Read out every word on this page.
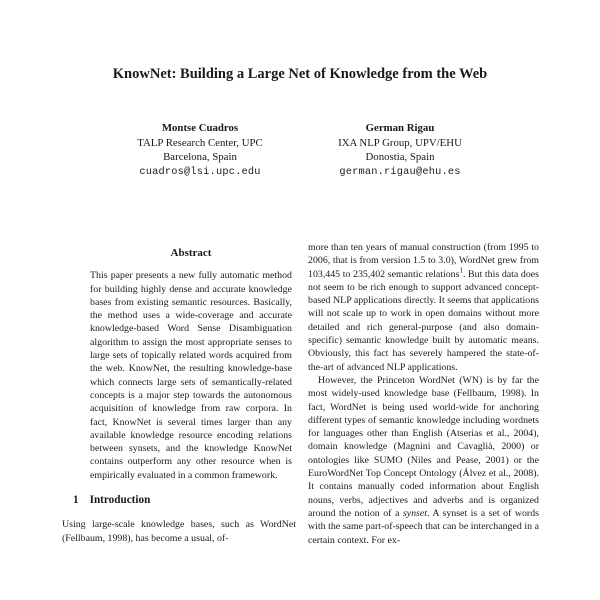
KnowNet: Building a Large Net of Knowledge from the Web
Montse Cuadros
TALP Research Center, UPC
Barcelona, Spain
cuadros@lsi.upc.edu
German Rigau
IXA NLP Group, UPV/EHU
Donostia, Spain
german.rigau@ehu.es
Abstract

This paper presents a new fully automatic method for building highly dense and accurate knowledge bases from existing semantic resources. Basically, the method uses a wide-coverage and accurate knowledge-based Word Sense Disambiguation algorithm to assign the most appropriate senses to large sets of topically related words acquired from the web. KnowNet, the resulting knowledge-base which connects large sets of semantically-related concepts is a major step towards the autonomous acquisition of knowledge from raw corpora. In fact, KnowNet is several times larger than any available knowledge resource encoding relations between synsets, and the knowledge KnowNet contains outperform any other resource when is empirically evaluated in a common framework.

1 Introduction

Using large-scale knowledge bases, such as WordNet (Fellbaum, 1998), has become a usual, of-

more than ten years of manual construction (from 1995 to 2006, that is from version 1.5 to 3.0), WordNet grew from 103,445 to 235,402 semantic relations$^1$. But this data does not seem to be rich enough to support advanced concept-based NLP applications directly. It seems that applications will not scale up to work in open domains without more detailed and rich general-purpose (and also domain-specific) semantic knowledge built by automatic means. Obviously, this fact has severely hampered the state-of-the-art of advanced NLP applications.

However, the Princeton WordNet (WN) is by far the most widely-used knowledge base (Fellbaum, 1998). In fact, WordNet is being used world-wide for anchoring different types of semantic knowledge including wordnets for languages other than English (Atserias et al., 2004), domain knowledge (Magnini and Cavaglià, 2000) or ontologies like SUMO (Niles and Pease, 2001) or the EuroWordNet Top Concept Ontology (Álvez et al., 2008). It contains manually coded information about English nouns, verbs, adjectives and adverbs and is organized around the notion of a synset. A synset is a set of words with the same part-of-speech that can be interchanged in a certain context. For ex-
